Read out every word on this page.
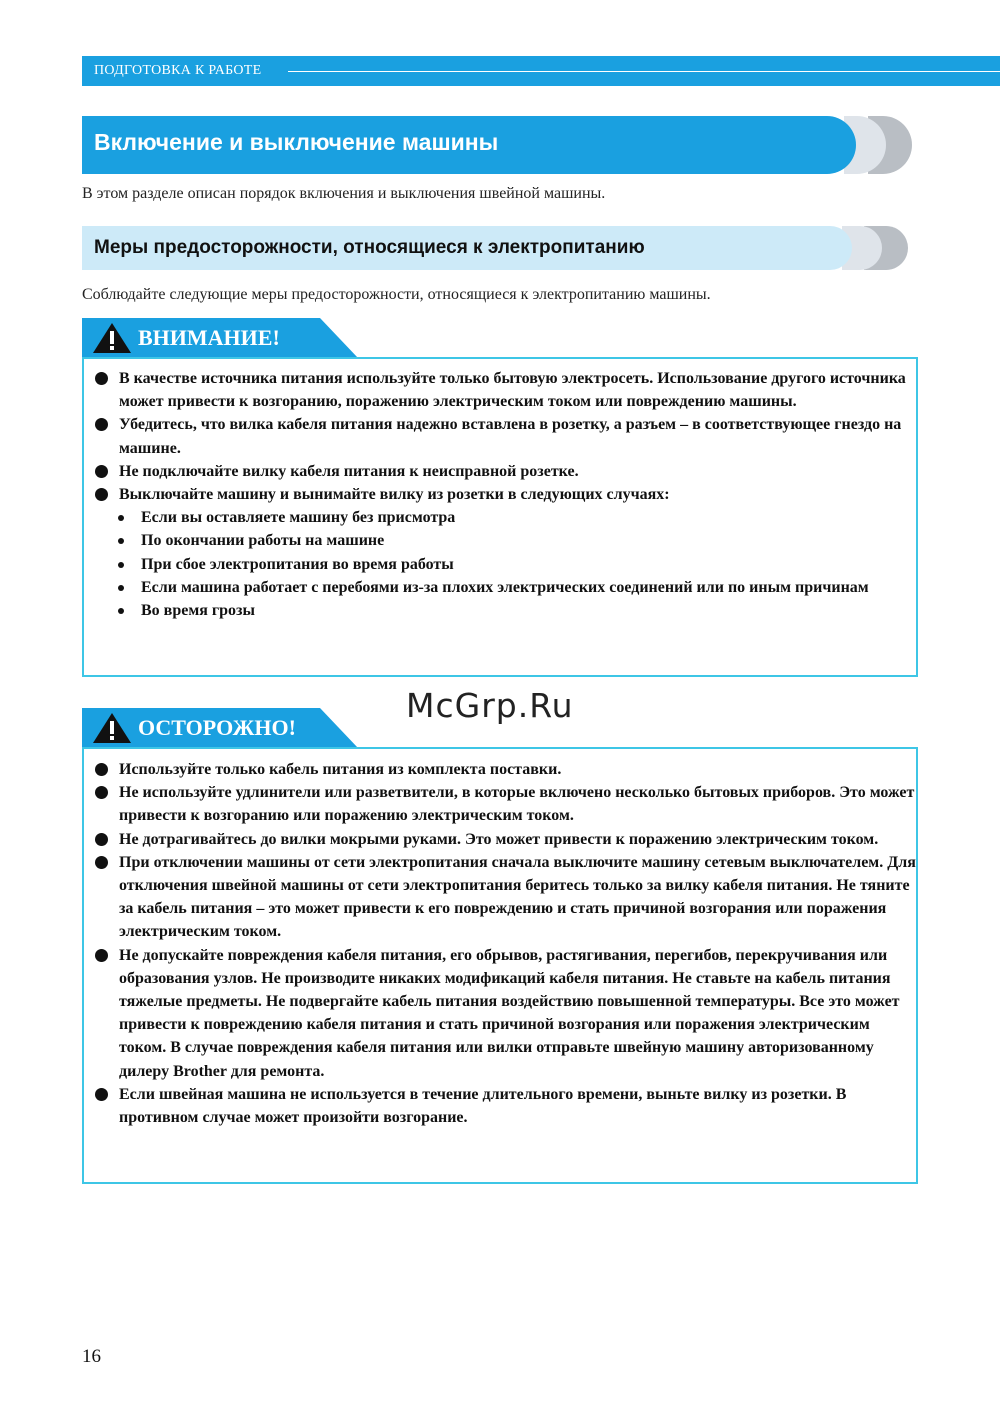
ПОДГОТОВКА К РАБОТЕ
Включение и выключение машины

В этом разделе описан порядок включения и выключения швейной машины.

Меры предосторожности, относящиеся к электропитанию

Соблюдайте следующие меры предосторожности, относящиеся к электропитанию машины.

ВНИМАНИЕ!
В качестве источника питания используйте только бытовую электросеть. Использование другого источника может привести к возгоранию, поражению электрическим током или повреждению машины.
Убедитесь, что вилка кабеля питания надежно вставлена в розетку, а разъем – в соответствующее гнездо на машине.
Не подключайте вилку кабеля питания к неисправной розетке.
Выключайте машину и вынимайте вилку из розетки в следующих случаях:
Если вы оставляете машину без присмотра
По окончании работы на машине
При сбое электропитания во время работы
Если машина работает с перебоями из-за плохих электрических соединений или по иным причинам
Во время грозы
McGrp.Ru
ОСТОРОЖНО!
Используйте только кабель питания из комплекта поставки.
Не используйте удлинители или разветвители, в которые включено несколько бытовых приборов. Это может привести к возгоранию или поражению электрическим током.
Не дотрагивайтесь до вилки мокрыми руками. Это может привести к поражению электрическим током.
При отключении машины от сети электропитания сначала выключите машину сетевым выключателем. Для отключения швейной машины от сети электропитания беритесь только за вилку кабеля питания. Не тяните за кабель питания – это может привести к его повреждению и стать причиной возгорания или поражения электрическим током.
Не допускайте повреждения кабеля питания, его обрывов, растягивания, перегибов, перекручивания или образования узлов. Не производите никаких модификаций кабеля питания. Не ставьте на кабель питания тяжелые предметы. Не подвергайте кабель питания воздействию повышенной температуры. Все это может привести к повреждению кабеля питания и стать причиной возгорания или поражения электрическим током. В случае повреждения кабеля питания или вилки отправьте швейную машину авторизованному дилеру Brother для ремонта.
Если швейная машина не используется в течение длительного времени, выньте вилку из розетки. В противном случае может произойти возгорание.
16
